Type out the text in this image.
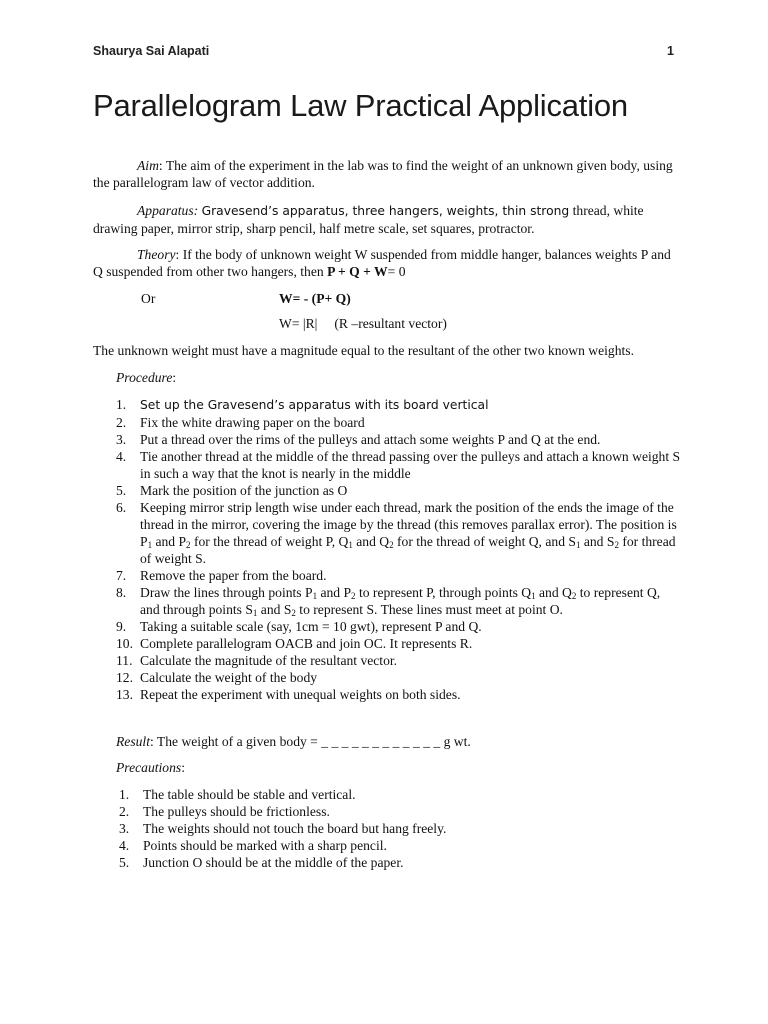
Shaurya Sai Alapati	1
Parallelogram Law Practical Application

Aim: The aim of the experiment in the lab was to find the weight of an unknown given body, using the parallelogram law of vector addition.

Apparatus: Gravesend’s apparatus, three hangers, weights, thin strong thread, white drawing paper, mirror strip, sharp pencil, half metre scale, set squares, protractor.

Theory: If the body of unknown weight W suspended from middle hanger, balances weights P and Q suspended from other two hangers, then P + Q + W= 0

Or	W= - (P+ Q)
W= |R| (R –resultant vector)

The unknown weight must have a magnitude equal to the resultant of the other two known weights.

Procedure:
1. Set up the Gravesend’s apparatus with its board vertical
2. Fix the white drawing paper on the board
3. Put a thread over the rims of the pulleys and attach some weights P and Q at the end.
4. Tie another thread at the middle of the thread passing over the pulleys and attach a known weight S in such a way that the knot is nearly in the middle
5. Mark the position of the junction as O
6. Keeping mirror strip length wise under each thread, mark the position of the ends the image of the thread in the mirror, covering the image by the thread (this removes parallax error). The position is $P_1$ and $P_2$ for the thread of weight P, $Q_1$ and $Q_2$ for the thread of weight Q, and $S_1$ and $S_2$ for thread of weight S.
7. Remove the paper from the board.
8. Draw the lines through points $P_1$ and $P_2$ to represent P, through points $Q_1$ and $Q_2$ to represent Q, and through points $S_1$ and $S_2$ to represent S. These lines must meet at point O.
9. Taking a suitable scale (say, 1cm = 10 gwt), represent P and Q.
10. Complete parallelogram OACB and join OC. It represents R.
11. Calculate the magnitude of the resultant vector.
12. Calculate the weight of the body
13. Repeat the experiment with unequal weights on both sides.
Result: The weight of a given body = _ _ _ _ _ _ _ _ _ _ _ _ g wt.
Precautions:
1. The table should be stable and vertical.
2. The pulleys should be frictionless.
3. The weights should not touch the board but hang freely.
4. Points should be marked with a sharp pencil.
5. Junction O should be at the middle of the paper.
